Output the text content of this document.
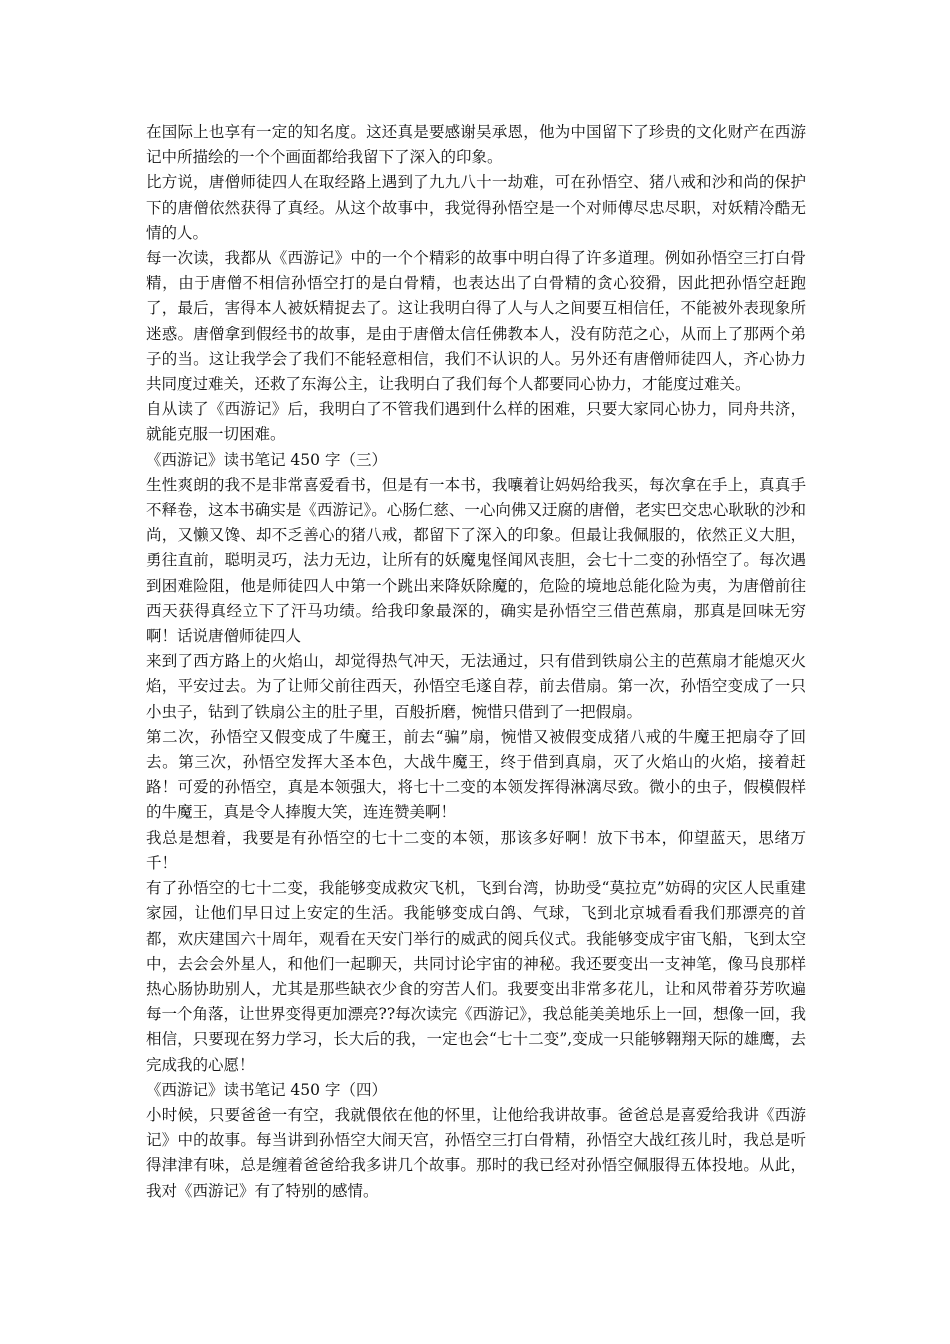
在国际上也享有一定的知名度。这还真是要感谢吴承恩，他为中国留下了珍贵的文化财产在西游记中所描绘的一个个画面都给我留下了深入的印象。

比方说，唐僧师徒四人在取经路上遇到了九九八十一劫难，可在孙悟空、猪八戒和沙和尚的保护下的唐僧依然获得了真经。从这个故事中，我觉得孙悟空是一个对师傅尽忠尽职，对妖精冷酷无情的人。

每一次读，我都从《西游记》中的一个个精彩的故事中明白得了许多道理。例如孙悟空三打白骨精，由于唐僧不相信孙悟空打的是白骨精，也表达出了白骨精的贪心狡猾，因此把孙悟空赶跑了，最后，害得本人被妖精捉去了。这让我明白得了人与人之间要互相信任，不能被外表现象所迷惑。唐僧拿到假经书的故事，是由于唐僧太信任佛教本人，没有防范之心，从而上了那两个弟子的当。这让我学会了我们不能轻意相信，我们不认识的人。另外还有唐僧师徒四人，齐心协力共同度过难关，还救了东海公主，让我明白了我们每个人都要同心协力，才能度过难关。

自从读了《西游记》后，我明白了不管我们遇到什么样的困难，只要大家同心协力，同舟共济，就能克服一切困难。

《西游记》读书笔记 450 字（三）

生性爽朗的我不是非常喜爱看书，但是有一本书，我嚷着让妈妈给我买，每次拿在手上，真真手不释卷，这本书确实是《西游记》。心肠仁慈、一心向佛又迂腐的唐僧，老实巴交忠心耿耿的沙和尚，又懒又馋、却不乏善心的猪八戒，都留下了深入的印象。但最让我佩服的，依然正义大胆，勇往直前，聪明灵巧，法力无边，让所有的妖魔鬼怪闻风丧胆，会七十二变的孙悟空了。每次遇到困难险阻，他是师徒四人中第一个跳出来降妖除魔的，危险的境地总能化险为夷，为唐僧前往西天获得真经立下了汗马功绩。给我印象最深的，确实是孙悟空三借芭蕉扇，那真是回味无穷啊！话说唐僧师徒四人

来到了西方路上的火焰山，却觉得热气冲天，无法通过，只有借到铁扇公主的芭蕉扇才能熄灭火焰，平安过去。为了让师父前往西天，孙悟空毛遂自荐，前去借扇。第一次，孙悟空变成了一只小虫子，钻到了铁扇公主的肚子里，百般折磨，惋惜只借到了一把假扇。

第二次，孙悟空又假变成了牛魔王，前去“骗”扇，惋惜又被假变成猪八戒的牛魔王把扇夺了回去。第三次，孙悟空发挥大圣本色，大战牛魔王，终于借到真扇，灭了火焰山的火焰，接着赶路！可爱的孙悟空，真是本领强大，将七十二变的本领发挥得淋漓尽致。微小的虫子，假模假样的牛魔王，真是令人捧腹大笑，连连赞美啊！

我总是想着，我要是有孙悟空的七十二变的本领，那该多好啊！放下书本，仰望蓝天，思绪万千！

有了孙悟空的七十二变，我能够变成救灾飞机，飞到台湾，协助受“莫拉克”妨碍的灾区人民重建家园，让他们早日过上安定的生活。我能够变成白鸽、气球，飞到北京城看看我们那漂亮的首都，欢庆建国六十周年，观看在天安门举行的威武的阅兵仪式。我能够变成宇宙飞船，飞到太空中，去会会外星人，和他们一起聊天，共同讨论宇宙的神秘。我还要变出一支神笔，像马良那样热心肠协助别人，尤其是那些缺衣少食的穷苦人们。我要变出非常多花儿，让和风带着芬芳吹遍每一个角落，让世界变得更加漂亮??每次读完《西游记》，我总能美美地乐上一回，想像一回，我相信，只要现在努力学习，长大后的我，一定也会“七十二变”,变成一只能够翱翔天际的雄鹰，去完成我的心愿！

《西游记》读书笔记 450 字（四）

小时候，只要爸爸一有空，我就偎依在他的怀里，让他给我讲故事。爸爸总是喜爱给我讲《西游记》中的故事。每当讲到孙悟空大闹天宫，孙悟空三打白骨精，孙悟空大战红孩儿时，我总是听得津津有味，总是缠着爸爸给我多讲几个故事。那时的我已经对孙悟空佩服得五体投地。从此，我对《西游记》有了特别的感情。
